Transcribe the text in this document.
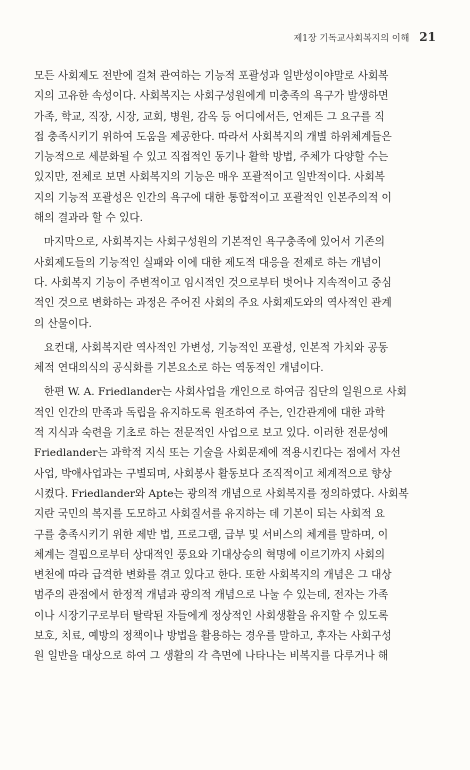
제1장 기독교사회복지의 이해 21
모든 사회제도 전반에 걸쳐 관여하는 기능적 포괄성과 일반성이야말로 사회복
지의 고유한 속성이다. 사회복지는 사회구성원에게 미충족의 욕구가 발생하면
가족, 학교, 직장, 시장, 교회, 병원, 감옥 등 어디에서든, 언제든 그 요구를 직
접 충족시키기 위하여 도움을 제공한다. 따라서 사회복지의 개별 하위체계들은
기능적으로 세분화될 수 있고 직접적인 동기나 활학 방법, 주체가 다양할 수는
있지만, 전체로 보면 사회복지의 기능은 매우 포괄적이고 일반적이다. 사회복
지의 기능적 포괄성은 인간의 욕구에 대한 통합적이고 포괄적인 인본주의적 이
해의 결과라 할 수 있다.
마지막으로, 사회복지는 사회구성원의 기본적인 욕구충족에 있어서 기존의
사회제도들의 기능적인 실패와 이에 대한 제도적 대응을 전제로 하는 개념이
다. 사회복지 기능이 주변적이고 임시적인 것으로부터 벗어나 지속적이고 중심
적인 것으로 변화하는 과정은 주어진 사회의 주요 사회제도와의 역사적인 관계
의 산물이다.
요컨대, 사회복지란 역사적인 가변성, 기능적인 포괄성, 인본적 가치와 공동
체적 연대의식의 공식화를 기본요소로 하는 역동적인 개념이다.
한편 W. A. Friedlander는 사회사업을 개인으로 하여금 집단의 일원으로 사회
적인 인간의 만족과 독립을 유지하도록 원조하여 주는, 인간관계에 대한 과학
적 지식과 숙련을 기초로 하는 전문적인 사업으로 보고 있다. 이러한 전문성에
Friedlander는 과학적 지식 또는 기술을 사회문제에 적용시킨다는 점에서 자선
사업, 박애사업과는 구별되며, 사회봉사 활동보다 조직적이고 체계적으로 향상
시켰다. Friedlander와 Apte는 광의적 개념으로 사회복지를 정의하였다. 사회복
지란 국민의 복지를 도모하고 사회질서를 유지하는 데 기본이 되는 사회적 요
구를 충족시키기 위한 제반 법, 프로그램, 급부 및 서비스의 체계를 말하며, 이
체계는 결핍으로부터 상대적인 풍요와 기대상승의 혁명에 이르기까지 사회의
변천에 따라 급격한 변화를 겪고 있다고 한다. 또한 사회복지의 개념은 그 대상
범주의 관점에서 한정적 개념과 광의적 개념으로 나눌 수 있는데, 전자는 가족
이나 시장기구로부터 탈락된 자들에게 정상적인 사회생활을 유지할 수 있도록
보호, 치료, 예방의 정책이나 방법을 활용하는 경우를 말하고, 후자는 사회구성
원 일반을 대상으로 하여 그 생활의 각 측면에 나타나는 비복지를 다루거나 해
